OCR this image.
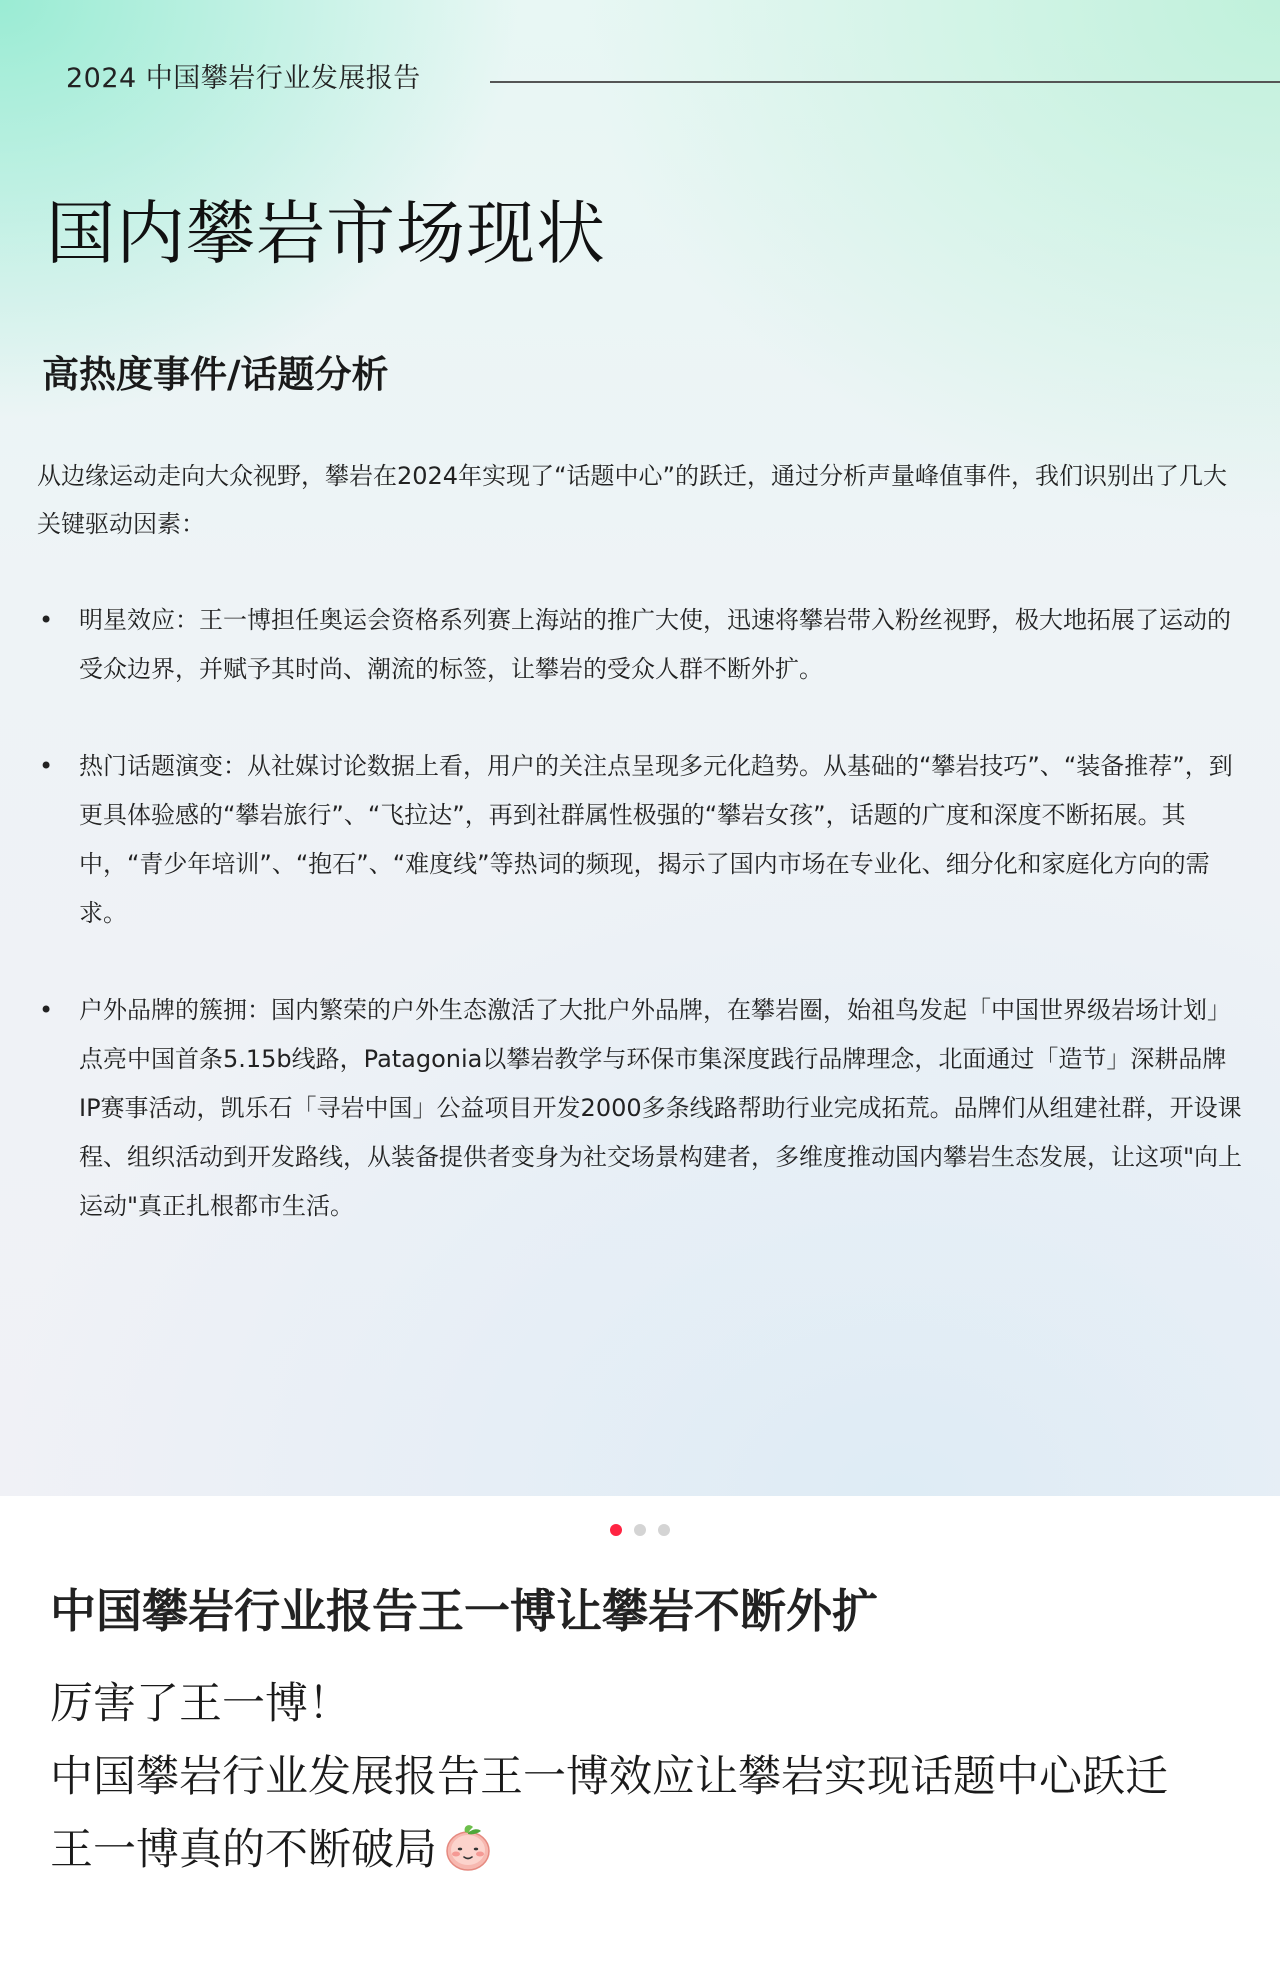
2024 中国攀岩行业发展报告
国内攀岩市场现状
高热度事件/话题分析

从边缘运动走向大众视野，攀岩在2024年实现了“话题中心”的跃迁，通过分析声量峰值事件，我们识别出了几大关键驱动因素：

• 明星效应：王一博担任奥运会资格系列赛上海站的推广大使，迅速将攀岩带入粉丝视野，极大地拓展了运动的受众边界，并赋予其时尚、潮流的标签，让攀岩的受众人群不断外扩。
• 热门话题演变：从社媒讨论数据上看，用户的关注点呈现多元化趋势。从基础的“攀岩技巧”、“装备推荐”，到更具体验感的“攀岩旅行”、“飞拉达”，再到社群属性极强的“攀岩女孩”，话题的广度和深度不断拓展。其中，“青少年培训”、“抱石”、“难度线”等热词的频现，揭示了国内市场在专业化、细分化和家庭化方向的需求。
• 户外品牌的簇拥：国内繁荣的户外生态激活了大批户外品牌，在攀岩圈，始祖鸟发起「中国世界级岩场计划」点亮中国首条5.15b线路，Patagonia以攀岩教学与环保市集深度践行品牌理念，北面通过「造节」深耕品牌IP赛事活动，凯乐石「寻岩中国」公益项目开发2000多条线路帮助行业完成拓荒。品牌们从组建社群，开设课程、组织活动到开发路线，从装备提供者变身为社交场景构建者，多维度推动国内攀岩生态发展，让这项"向上运动"真正扎根都市生活。

中国攀岩行业报告王一博让攀岩不断外扩
厉害了王一博！
中国攀岩行业发展报告王一博效应让攀岩实现话题中心跃迁
王一博真的不断破局
